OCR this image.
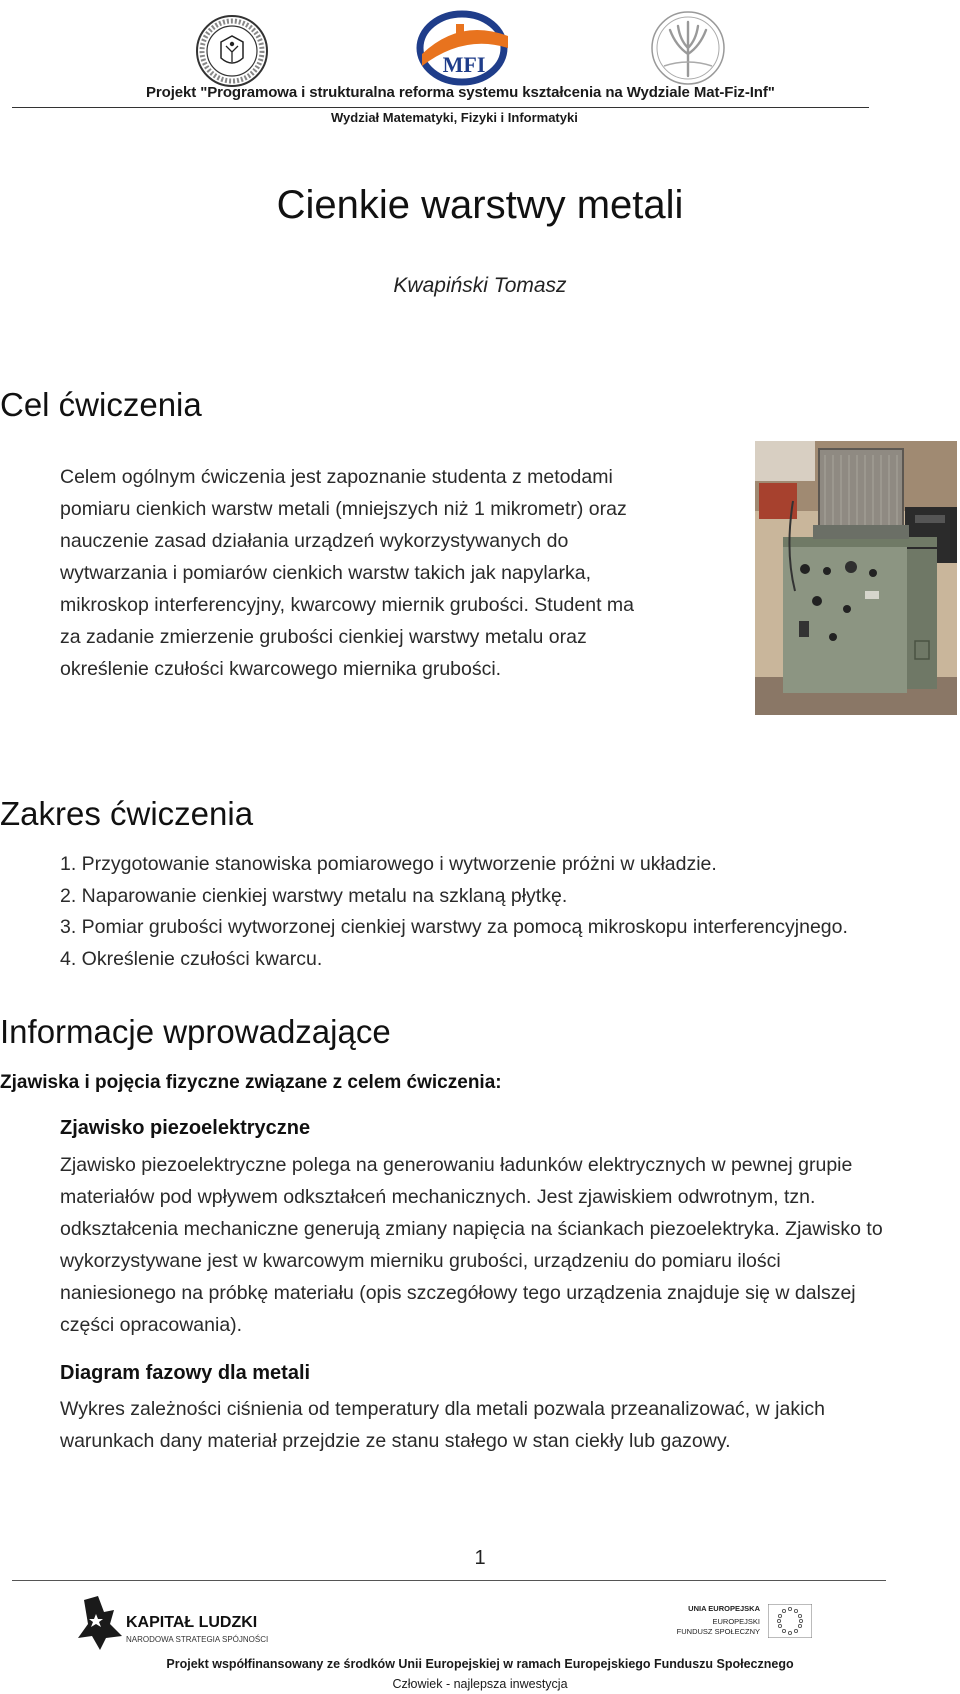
MFI
Projekt "Programowa i strukturalna reforma systemu kształcenia na Wydziale Mat-Fiz-Inf"
Wydział Matematyki, Fizyki i Informatyki
Cienkie warstwy metali
Kwapiński Tomasz
Cel ćwiczenia
Celem ogólnym ćwiczenia jest zapoznanie studenta z metodami
pomiaru cienkich warstw metali (mniejszych niż 1 mikrometr) oraz
nauczenie zasad działania urządzeń wykorzystywanych do
wytwarzania i pomiarów cienkich warstw takich jak napylarka,
mikroskop interferencyjny, kwarcowy miernik grubości. Student ma
za zadanie zmierzenie grubości cienkiej warstwy metalu oraz
określenie czułości kwarcowego miernika grubości.
Zakres ćwiczenia
1. Przygotowanie stanowiska pomiarowego i wytworzenie próżni w układzie.
2. Naparowanie cienkiej warstwy metalu na szklaną płytkę.
3. Pomiar grubości wytworzonej cienkiej warstwy za pomocą mikroskopu interferencyjnego.
4. Określenie czułości kwarcu.
Informacje wprowadzające
Zjawiska i pojęcia fizyczne związane z celem ćwiczenia:
Zjawisko piezoelektryczne
Zjawisko piezoelektryczne polega na generowaniu ładunków elektrycznych w pewnej grupie
materiałów pod wpływem odkształceń mechanicznych. Jest zjawiskiem odwrotnym, tzn.
odkształcenia mechaniczne generują zmiany napięcia na ściankach piezoelektryka. Zjawisko to
wykorzystywane jest w kwarcowym mierniku grubości, urządzeniu do pomiaru ilości
naniesionego na próbkę materiału (opis szczegółowy tego urządzenia znajduje się w dalszej
części opracowania).
Diagram fazowy dla metali
Wykres zależności ciśnienia od temperatury dla metali pozwala przeanalizować, w jakich
warunkach dany materiał przejdzie ze stanu stałego w stan ciekły lub gazowy.
1
KAPITAŁ LUDZKI
NARODOWA STRATEGIA SPÓJNOŚCI
UNIA EUROPEJSKA
EUROPEJSKI
FUNDUSZ SPOŁECZNY
Projekt współfinansowany ze środków Unii Europejskiej w ramach Europejskiego Funduszu Społecznego
Człowiek - najlepsza inwestycja
